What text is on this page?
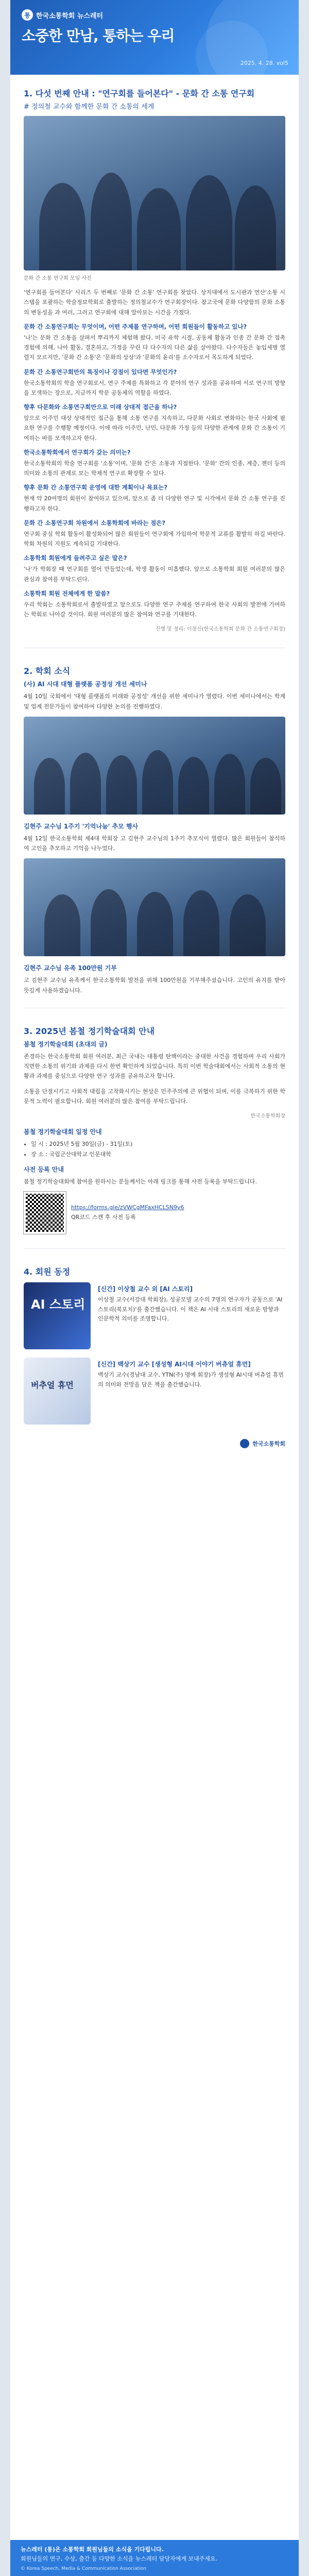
통 한국소통학회 뉴스레터
소중한 만남, 통하는 우리
2025. 4. 28. vol5
1. 다섯 번째 안내 : "연구회를 들어본다" - 문화 간 소통 연구회
# 정의철 교수와 함께한 문화 간 소통의 세계
문화 간 소통 연구회 모임 사진

'연구회를 들어본다' 시리즈 두 번째로 '문화 간 소통' 연구회를 찾았다. 상지대에서 도시관과 연산'소통 시스템을 포괄하는 학술정보학회로 출발하는 정의철교수가 연구회장이다. 참고국에 문화 다양함의 문화 소통의 변동성을 과 여러, 그러고 연구회에 대해 알아보는 시간을 가졌다.

문화 간 소통연구회는 무엇이며, 어떤 주제를 연구하며, 어떤 회원들이 활동하고 있나?

'나'는 문화 간 소통을 살펴서 뿌리까지 체험해 왔다. 미국 유학 시절, 공동체 활동과 인종 간 문화 간 접촉 경험에 의해, 나아 활동, 결혼하고, 가정을 꾸린 다 다수자의 다른 삶을 살아왔다. 다수자들은 놓입세병 열렬지 모르지만, '문화 간 소통'은 '문화의 상상'과 '문화의 윤리'를 소수자로서 목도하게 되었다.

문화 간 소통연구회만의 특징이나 강점이 있다면 무엇인가?

한국소통학회의 학술 연구회로서, 연구 주제를 특화하고 각 분야의 연구 성과를 공유하며 서로 연구의 방향을 모색하는 장으로, 지금까지 학문 공동체의 역할을 하였다.

향후 다문화와 소통연구회만으로 미래 상대적 접근을 하나?

앞으로 이주민 대상 상대적인 접근을 통해 소통 연구를 지속하고, 다문화 사회로 변화하는 한국 사회에 필요한 연구를 수행할 예정이다. 이에 따라 이주민, 난민, 다문화 가정 등의 다양한 관계에 문화 간 소통이 기여하는 바를 모색하고자 한다.

한국소통학회에서 연구회가 갖는 의미는?

한국소통학회의 학술 연구회를 '소통'이며, '문화 간'은 소통과 지점한다. '문화' 간의 인종, 계층, 젠더 등의 의미와 소통의 관계로 보는 학제적 연구로 확장할 수 있다.

향후 문화 간 소통연구회 운영에 대한 계획이나 목표는?

현재 약 20여명의 회원이 참여하고 있으며, 앞으로 좀 더 다양한 연구 및 시각에서 문화 간 소통 연구를 진행하고자 한다.

문화 간 소통연구회 차원에서 소통학회에 바라는 점은?

연구회 중심 학회 활동이 활성화되어 많은 회원들이 연구회에 가입하여 학문적 교류를 활발히 하길 바란다. 학회 차원의 지원도 계속되길 기대한다.

소통학회 회원에게 들려주고 싶은 말은?

'나'가 학회장 때 연구회를 열어 만들었는데, 학생 활동이 미흡했다. 앞으로 소통학회 회원 여러분의 많은 관심과 참여를 부탁드린다.

소통학회 회원 전체에게 한 말씀?

우리 학회는 소통학회로서 출발하였고 앞으로도 다양한 연구 주제를 연구하여 한국 사회의 발전에 기여하는 학회로 나아갈 것이다. 회원 여러분의 많은 참여와 연구를 기대한다.

진행 및 정리: 이정신(한국소통학회 문화 간 소통연구회장)
2. 학회 소식
(사) AI 시대 대형 플랫폼 공정성 개선 세미나

4월 10일 국회에서 '대형 플랫폼의 미래와 공정성' 개선을 위한 세미나가 열렸다. 이번 세미나에서는 학계 및 업계 전문가들이 참여하여 다양한 논의를 진행하였다.

김현주 교수님 1주기 '기억나눔' 추모 행사

4월 12일 한국소통학회 제4대 학회장 고 김현주 교수님의 1주기 추모식이 열렸다. 많은 회원들이 참석하여 고인을 추모하고 기억을 나누었다.

김현주 교수님 유족 100만원 기부

고 김현주 교수님 유족께서 한국소통학회 발전을 위해 100만원을 기부해주셨습니다. 고인의 유지를 받아 뜻깊게 사용하겠습니다.

3. 2025년 봄철 정기학술대회 안내
봄철 정기학술대회 (초대의 글)

존경하는 한국소통학회 회원 여러분, 최근 국내는 대통령 탄핵이라는 중대한 사건을 경험하며 우리 사회가 직면한 소통의 위기와 과제를 다시 한번 확인하게 되었습니다. 특히 이번 학술대회에서는 사회적 소통의 현황과 과제를 중심으로 다양한 연구 성과를 공유하고자 합니다.

소통을 단절시키고 사회적 대립을 고착화시키는 현상은 민주주의에 큰 위협이 되며, 이를 극복하기 위한 학문적 노력이 필요합니다. 회원 여러분의 많은 참여를 부탁드립니다.

한국소통학회장
봄철 정기학술대회 일정 안내
• 일 시 : 2025년 5월 30일(금) - 31일(토)
• 장 소 : 국립군산대학교 인문대학
사전 등록 안내

봄철 정기학술대회에 참여를 원하시는 분들께서는 아래 링크를 통해 사전 등록을 부탁드립니다.

https://forms.gle/zVWCgMFaxHCLSN9y6
QR코드 스캔 후 사전 등록
4. 회원 동정
AI 스토리
[신간] 이상철 교수 외 [AI 스토리]
이상철 교수(서강대 학회장), 성공모델 교수의 7명의 연구자가 공동으로 'AI 스토리(북포치)'를 출간했습니다. 이 책은 AI 시대 스토리의 새로운 방향과 인문학적 의미를 조명합니다.
버추얼 휴먼
[신간] 백상기 교수 [생성형 AI시대 이야기 버츄얼 휴먼]
백상기 교수(경남대 교수, YTN(주) 명예 회장)가 생성형 AI시대 버츄얼 휴먼의 의미와 전망을 담은 책을 출간했습니다.
한국소통학회
뉴스레터 (통)은 소통학회 회원님들의 소식을 기다립니다.
회원님들의 연구, 수상, 출간 등 다양한 소식을 뉴스레터 담당자에게 보내주세요.
© Korea Speech, Media & Communication Association
